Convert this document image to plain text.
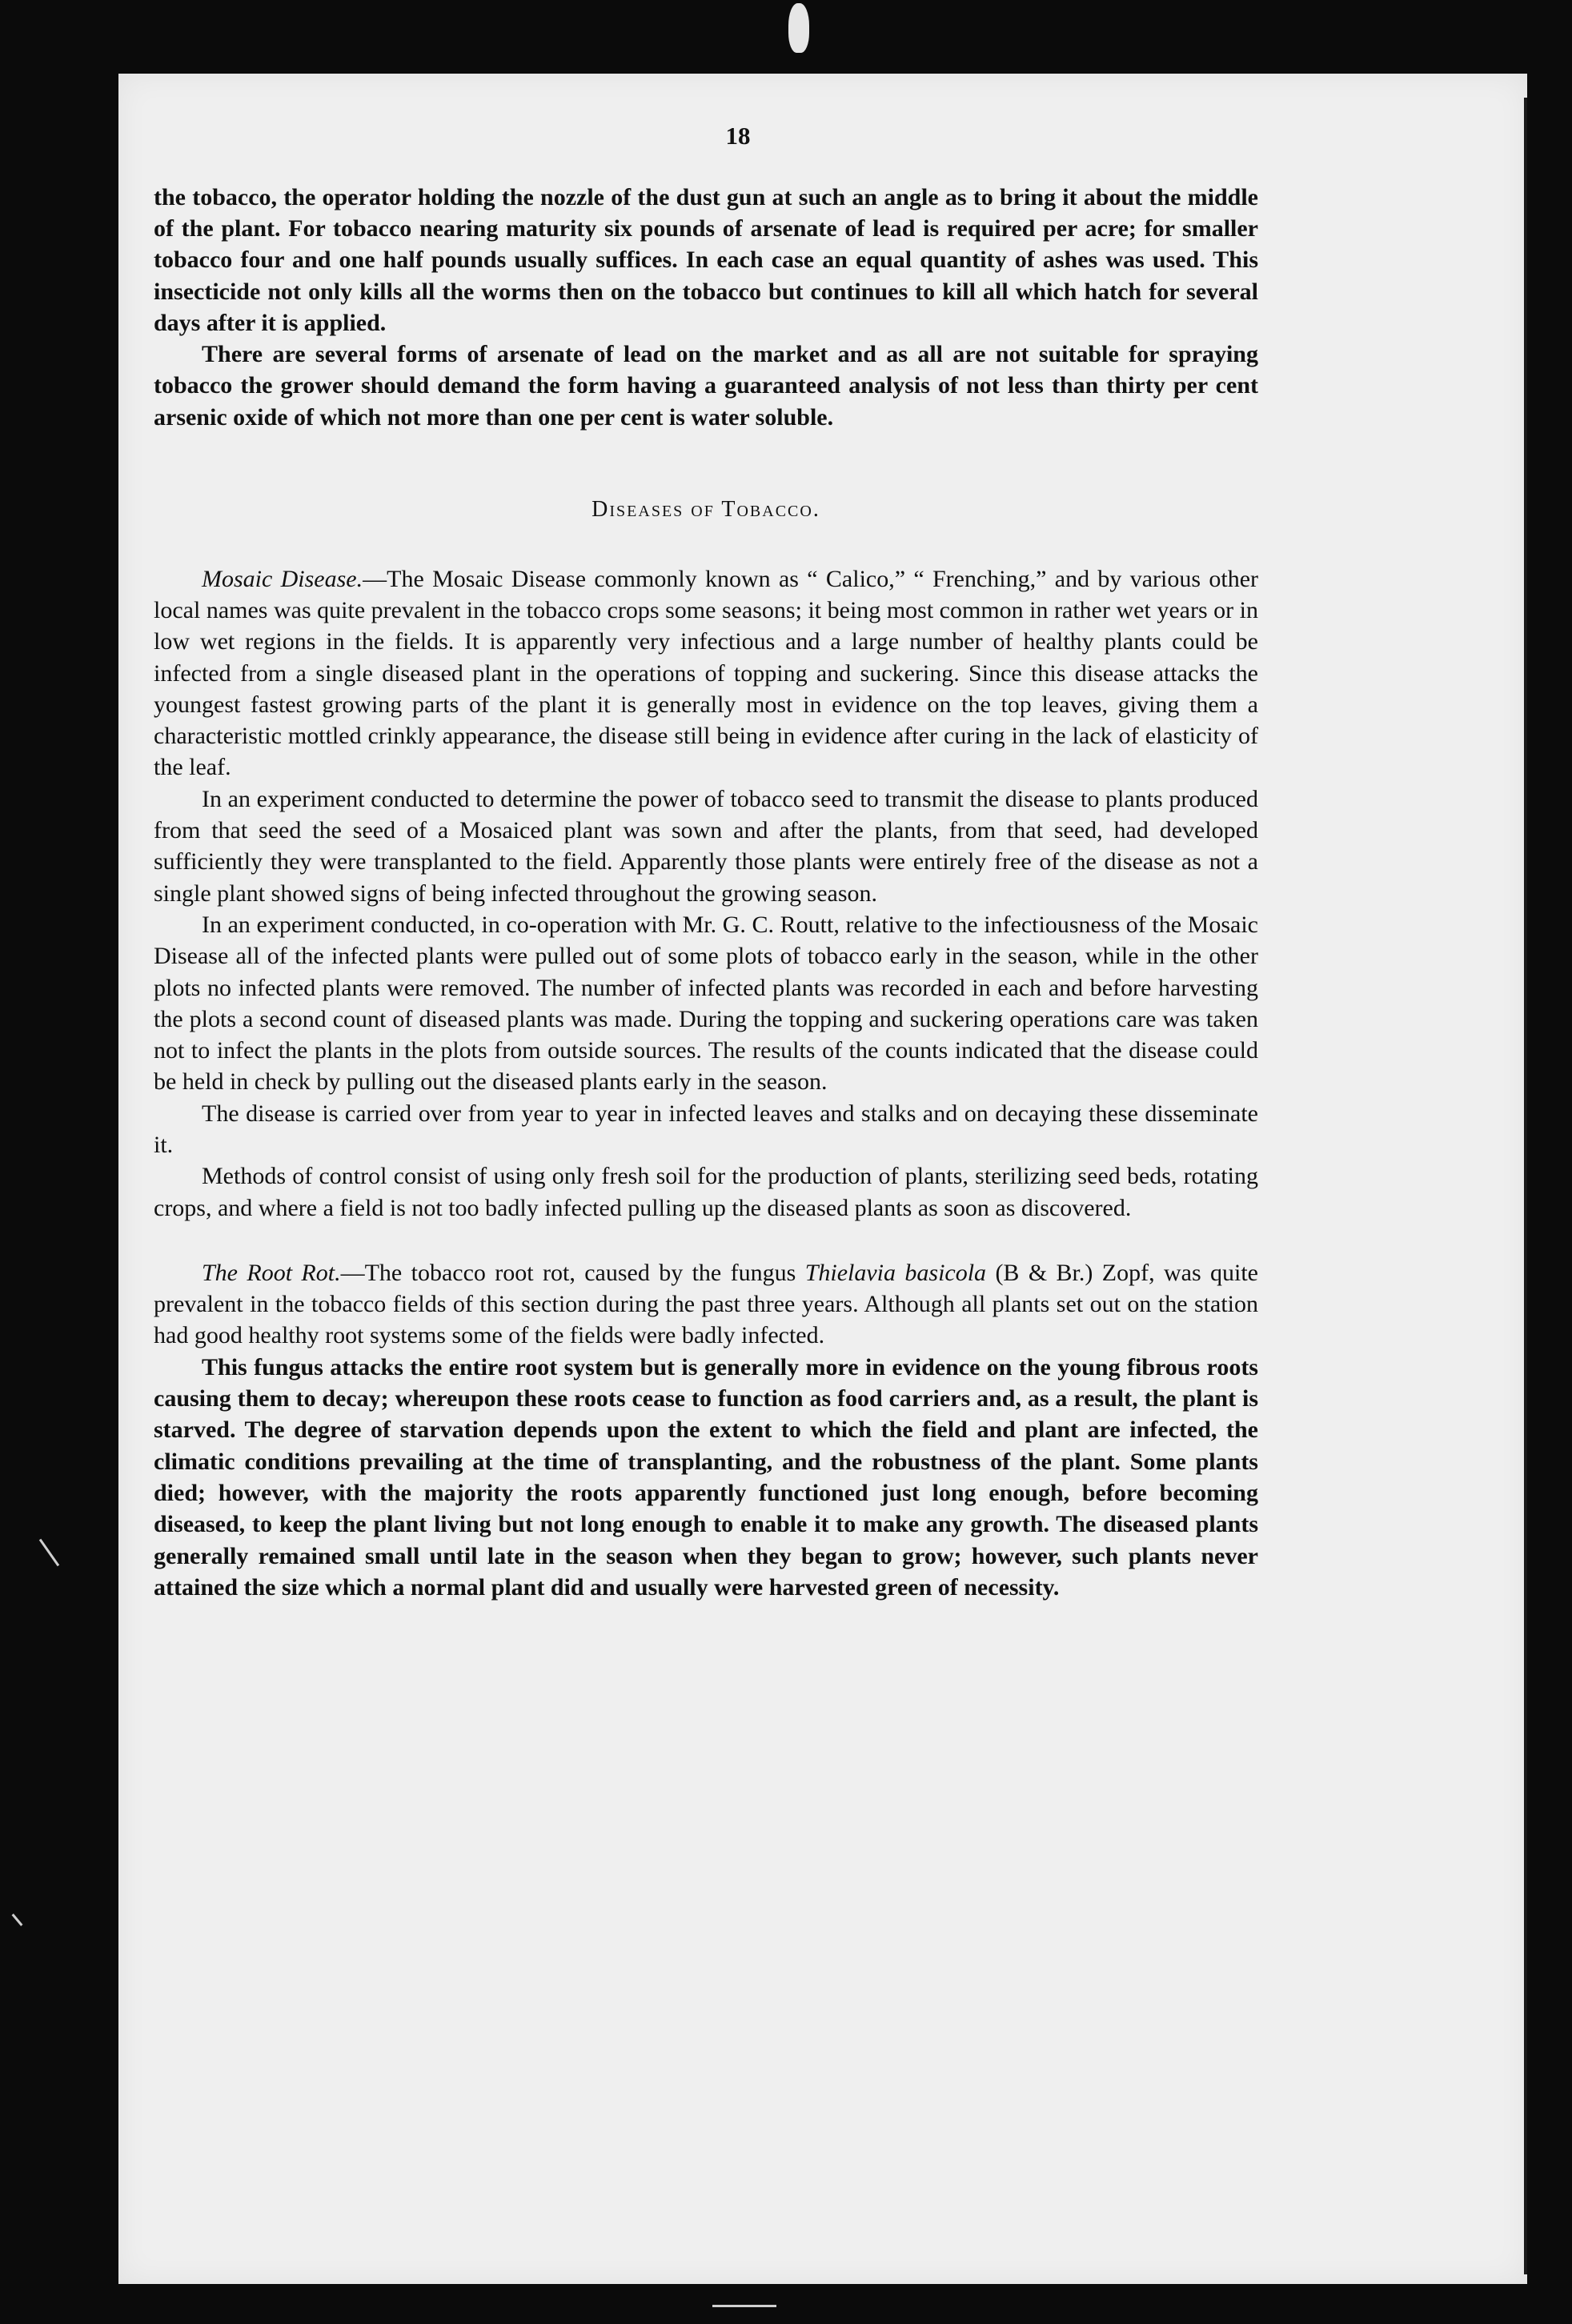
18

the tobacco, the operator holding the nozzle of the dust gun at such an angle as to bring it about the middle of the plant. For tobacco nearing maturity six pounds of arsenate of lead is required per acre; for smaller tobacco four and one half pounds usually suffices. In each case an equal quantity of ashes was used. This insecticide not only kills all the worms then on the tobacco but continues to kill all which hatch for several days after it is applied.

There are several forms of arsenate of lead on the market and as all are not suitable for spraying tobacco the grower should demand the form having a guaranteed analysis of not less than thirty per cent arsenic oxide of which not more than one per cent is water soluble.

Diseases of Tobacco.

Mosaic Disease.—The Mosaic Disease commonly known as “ Calico,” “ Frenching,” and by various other local names was quite prevalent in the tobacco crops some seasons; it being most common in rather wet years or in low wet regions in the fields. It is apparently very infectious and a large number of healthy plants could be infected from a single diseased plant in the operations of topping and suckering. Since this disease attacks the youngest fastest growing parts of the plant it is generally most in evidence on the top leaves, giving them a characteristic mottled crinkly appearance, the disease still being in evidence after curing in the lack of elasticity of the leaf.

In an experiment conducted to determine the power of tobacco seed to transmit the disease to plants produced from that seed the seed of a Mosaiced plant was sown and after the plants, from that seed, had developed sufficiently they were transplanted to the field. Apparently those plants were entirely free of the disease as not a single plant showed signs of being infected throughout the growing season.

In an experiment conducted, in co-operation with Mr. G. C. Routt, relative to the infectiousness of the Mosaic Disease all of the infected plants were pulled out of some plots of tobacco early in the season, while in the other plots no infected plants were removed. The number of infected plants was recorded in each and before harvesting the plots a second count of diseased plants was made. During the topping and suckering operations care was taken not to infect the plants in the plots from outside sources. The results of the counts indicated that the disease could be held in check by pulling out the diseased plants early in the season.

The disease is carried over from year to year in infected leaves and stalks and on decaying these disseminate it.

Methods of control consist of using only fresh soil for the production of plants, sterilizing seed beds, rotating crops, and where a field is not too badly infected pulling up the diseased plants as soon as discovered.

The Root Rot.—The tobacco root rot, caused by the fungus Thielavia basicola (B & Br.) Zopf, was quite prevalent in the tobacco fields of this section during the past three years. Although all plants set out on the station had good healthy root systems some of the fields were badly infected.

This fungus attacks the entire root system but is generally more in evidence on the young fibrous roots causing them to decay; whereupon these roots cease to function as food carriers and, as a result, the plant is starved. The degree of starvation depends upon the extent to which the field and plant are infected, the climatic conditions prevailing at the time of transplanting, and the robustness of the plant. Some plants died; however, with the majority the roots apparently functioned just long enough, before becoming diseased, to keep the plant living but not long enough to enable it to make any growth. The diseased plants generally remained small until late in the season when they began to grow; however, such plants never attained the size which a normal plant did and usually were harvested green of necessity.
